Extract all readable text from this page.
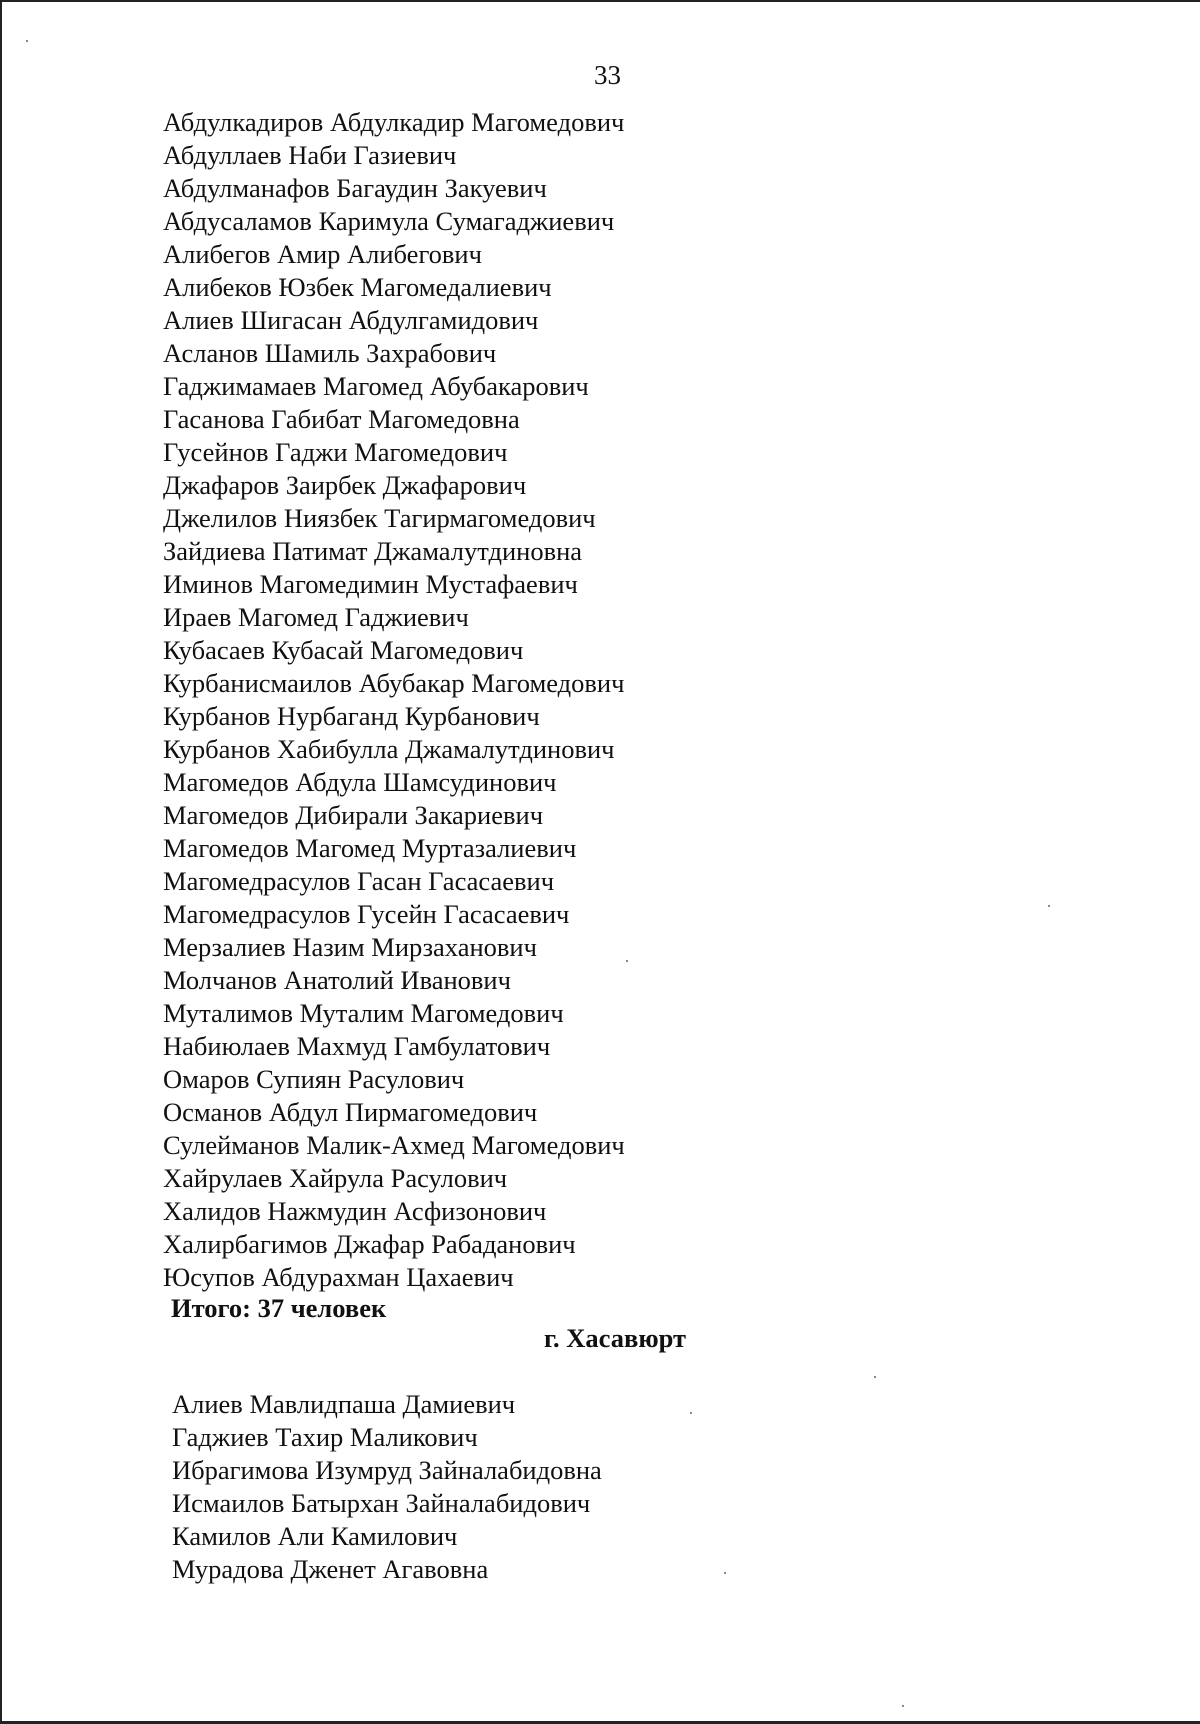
33
Абдулкадиров Абдулкадир Магомедович
Абдуллаев Наби Газиевич
Абдулманафов Багаудин Закуевич
Абдусаламов Каримула Сумагаджиевич
Алибегов Амир Алибегович
Алибеков Юзбек Магомедалиевич
Алиев Шигасан Абдулгамидович
Асланов Шамиль Захрабович
Гаджимамаев Магомед Абубакарович
Гасанова Габибат Магомедовна
Гусейнов Гаджи Магомедович
Джафаров Заирбек Джафарович
Джелилов Ниязбек Тагирмагомедович
Зайдиева Патимат Джамалутдиновна
Иминов Магомедимин Мустафаевич
Ираев Магомед Гаджиевич
Кубасаев Кубасай Магомедович
Курбанисмаилов Абубакар Магомедович
Курбанов Нурбаганд Курбанович
Курбанов Хабибулла Джамалутдинович
Магомедов Абдула Шамсудинович
Магомедов Дибирали Закариевич
Магомедов Магомед Муртазалиевич
Магомедрасулов Гасан Гасасаевич
Магомедрасулов Гусейн Гасасаевич
Мерзалиев Назим Мирзаханович
Молчанов Анатолий Иванович
Муталимов Муталим Магомедович
Набиюлаев Махмуд Гамбулатович
Омаров Супиян Расулович
Османов Абдул Пирмагомедович
Сулейманов Малик-Ахмед Магомедович
Хайрулаев Хайрула Расулович
Халидов Нажмудин Асфизонович
Халирбагимов Джафар Рабаданович
Юсупов Абдурахман Цахаевич
Итого: 37 человек
г. Хасавюрт
Алиев Мавлидпаша Дамиевич
Гаджиев Тахир Маликович
Ибрагимова Изумруд Зайналабидовна
Исмаилов Батырхан Зайналабидович
Камилов Али Камилович
Мурадова Дженет Агавовна
